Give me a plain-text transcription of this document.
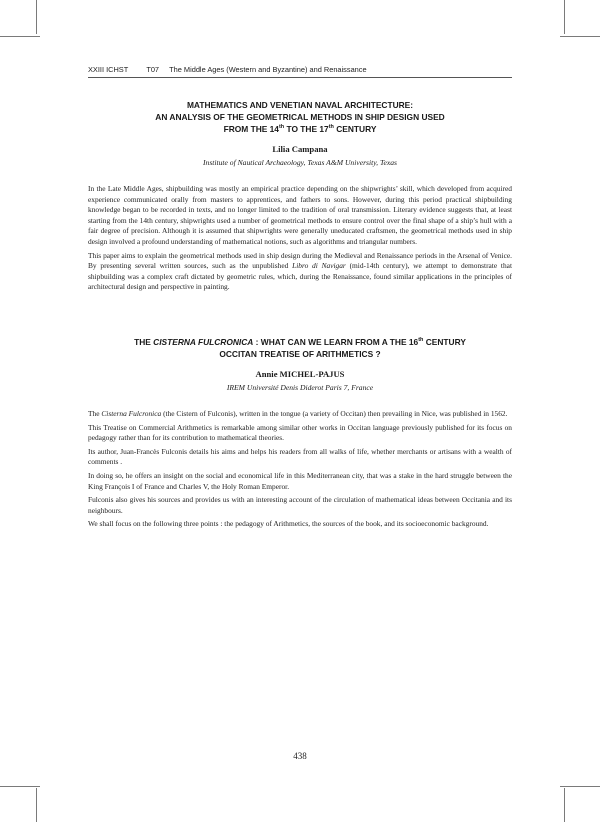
XXIII ICHST T07 The Middle Ages (Western and Byzantine) and Renaissance

MATHEMATICS AND VENETIAN NAVAL ARCHITECTURE:
AN ANALYSIS OF THE GEOMETRICAL METHODS IN SHIP DESIGN USED
FROM THE 14th TO THE 17th CENTURY

Lilia Campana

Institute of Nautical Archaeology, Texas A&M University, Texas

In the Late Middle Ages, shipbuilding was mostly an empirical practice depending on the shipwrights’ skill, which developed from acquired experience communicated orally from masters to apprentices, and fathers to sons. However, during this period practical shipbuilding knowledge began to be recorded in texts, and no longer limited to the tradition of oral transmission. Literary evidence suggests that, at least starting from the 14th century, shipwrights used a number of geometrical methods to ensure control over the final shape of a ship’s hull with a fair degree of precision. Although it is assumed that shipwrights were generally uneducated craftsmen, the geometrical methods used in ship design involved a profound understanding of mathematical notions, such as algorithms and triangular numbers.

This paper aims to explain the geometrical methods used in ship design during the Medieval and Renaissance periods in the Arsenal of Venice. By presenting several written sources, such as the unpublished Libro di Navigar (mid-14th century), we attempt to demonstrate that shipbuilding was a complex craft dictated by geometric rules, which, during the Renaissance, found similar applications in the principles of architectural design and perspective in painting.

THE CISTERNA FULCRONICA : WHAT CAN WE LEARN FROM A THE 16th CENTURY
OCCITAN TREATISE OF ARITHMETICS ?

Annie MICHEL-PAJUS

IREM Université Denis Diderot Paris 7, France

The Cisterna Fulcronica (the Cistern of Fulconis), written in the tongue (a variety of Occitan) then prevailing in Nice, was published in 1562.

This Treatise on Commercial Arithmetics is remarkable among similar other works in Occitan language previously published for its focus on pedagogy rather than for its contribution to mathematical theories.

Its author, Juan-Francès Fulconis details his aims and helps his readers from all walks of life, whether merchants or artisans with a wealth of comments .

In doing so, he offers an insight on the social and economical life in this Mediterranean city, that was a stake in the hard struggle between the King François I of France and Charles V, the Holy Roman Emperor.

Fulconis also gives his sources and provides us with an interesting account of the circulation of mathematical ideas between Occitania and its neighbours.

We shall focus on the following three points : the pedagogy of Arithmetics, the sources of the book, and its socioeconomic background.

438
